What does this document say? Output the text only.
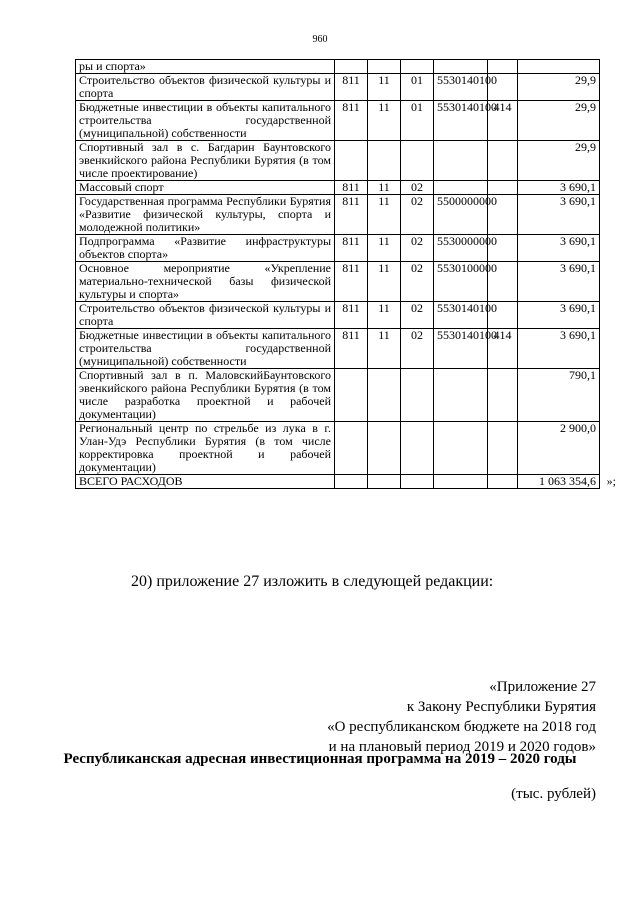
960
ры и спорта»						
Строительство объектов физической культуры и спорта	811	11	01	5530140100		29,9
Бюджетные инвестиции в объекты капитального строительства государственной (муниципальной) собственности	811	11	01	5530140100	414	29,9
Спортивный зал в с. Багдарин Баунтовского эвенкийского района Республики Бурятия (в том числе проектирование)						29,9
Массовый спорт	811	11	02			3 690,1
Государственная программа Республики Бурятия «Развитие физической культуры, спорта и молодежной политики»	811	11	02	5500000000		3 690,1
Подпрограмма «Развитие инфраструктуры объектов спорта»	811	11	02	5530000000		3 690,1
Основное мероприятие «Укрепление материально-технической базы физической культуры и спорта»	811	11	02	5530100000		3 690,1
Строительство объектов физической культуры и спорта	811	11	02	5530140100		3 690,1
Бюджетные инвестиции в объекты капитального строительства государственной (муниципальной) собственности	811	11	02	5530140100	414	3 690,1
Спортивный зал в п. МаловскийБаунтовского эвенкийского района Республики Бурятия (в том числе разработка проектной и рабочей документации)						790,1
Региональный центр по стрельбе из лука в г. Улан-Удэ Республики Бурятия (в том числе корректировка проектной и рабочей документации)						2 900,0
ВСЕГО РАСХОДОВ						1 063 354,6 »;
20) приложение 27 изложить в следующей редакции:
«Приложение 27
к Закону Республики Бурятия
«О республиканском бюджете на 2018 год
и на плановый период 2019 и 2020 годов»
Республиканская адресная инвестиционная программа на 2019 – 2020 годы
(тыс. рублей)
